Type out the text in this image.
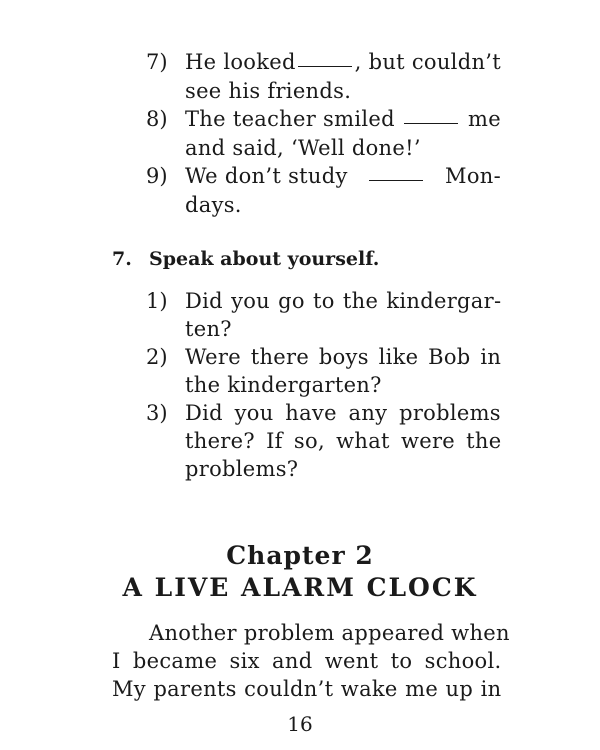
7) He looked	, but couldn’t
see his friends.
8) The teacher smiled	me
and said, ‘Well done!’
9) We don’t study	Mon-
days.
7. Speak about yourself.
1) Did you go to the kindergar-
ten?
2) Were there boys like Bob in
the kindergarten?
3) Did you have any problems
there? If so, what were the
problems?
Chapter 2
A LIVE ALARM CLOCK
Another problem appeared when
I became six and went to school.
My parents couldn’t wake me up in
16
